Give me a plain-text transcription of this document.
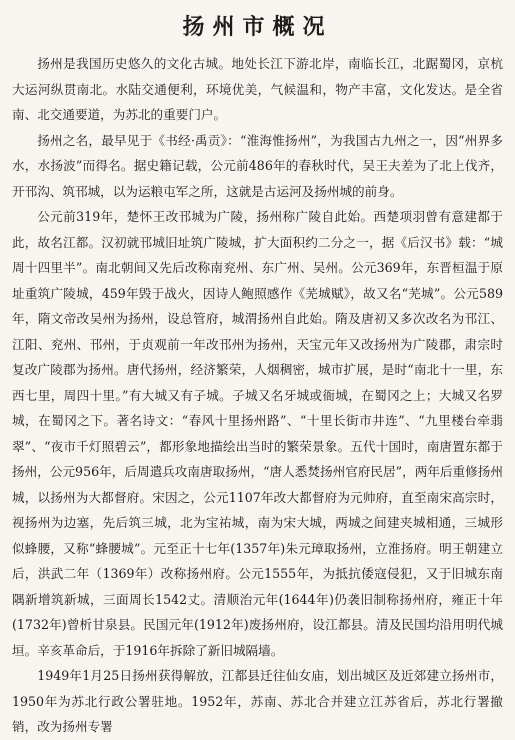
扬州市概况

扬州是我国历史悠久的文化古城。地处长江下游北岸，南临长江，北踞蜀冈，京杭大运河纵贯南北。水陆交通便利，环境优美，气候温和，物产丰富，文化发达。是全省南、北交通要道，为苏北的重要门户。

扬州之名，最早见于《书经·禹贡》：“淮海惟扬州”，为我国古九州之一，因“州界多水，水扬波”而得名。据史籍记载，公元前486年的春秋时代，吴王夫差为了北上伐齐，开邗沟、筑邗城，以为运粮屯军之所，这就是古运河及扬州城的前身。

公元前319年，楚怀王改邗城为广陵，扬州称广陵自此始。西楚项羽曾有意建都于此，故名江都。汉初就邗城旧址筑广陵城，扩大面积约二分之一，据《后汉书》载：“城周十四里半”。南北朝间又先后改称南兖州、东广州、吴州。公元369年，东晋桓温于原址重筑广陵城，459年毁于战火，因诗人鲍照感作《芜城赋》，故又名“芜城”。公元589年，隋文帝改吴州为扬州，设总管府，城渭扬州自此始。隋及唐初又多次改名为邗江、江阳、兖州、邗州，于贞观前一年改邗州为扬州，天宝元年又改扬州为广陵郡，肃宗时复改广陵郡为扬州。唐代扬州，经济繁荣，人烟稠密，城市扩展，是时“南北十一里，东西七里，周四十里。”有大城又有子城。子城又名牙城或衙城，在蜀冈之上；大城又名罗城，在蜀冈之下。著名诗文：“春风十里扬州路”、“十里长街市井连”、“九里楼台牵翡翠”、“夜市千灯照碧云”，都形象地描绘出当时的繁荣景象。五代十国时，南唐置东都于扬州，公元956年，后周遣兵攻南唐取扬州，“唐人悉焚扬州官府民居”，两年后重修扬州城，以扬州为大都督府。宋因之，公元1107年改大都督府为元帅府，直至南宋高宗时，视扬州为边塞，先后筑三城，北为宝祐城，南为宋大城，两城之间建夹城相通，三城形似蜂腰，又称“蜂腰城”。元至正十七年(1357年)朱元璋取扬州，立淮扬府。明王朝建立后，洪武二年（1369年）改称扬州府。公元1555年，为抵抗倭寇侵犯，又于旧城东南隅新增筑新城，三面周长1542丈。清顺治元年(1644年)仍袭旧制称扬州府，雍正十年(1732年)曾析甘泉县。民国元年(1912年)废扬州府，设江都县。清及民国均沿用明代城垣。辛亥革命后，于1916年拆除了新旧城隔墙。

1949年1月25日扬州获得解放，江都县迁往仙女庙，划出城区及近郊建立扬州市，1950年为苏北行政公署驻地。1952年，苏南、苏北合并建立江苏省后，苏北行署撤销，改为扬州专署
